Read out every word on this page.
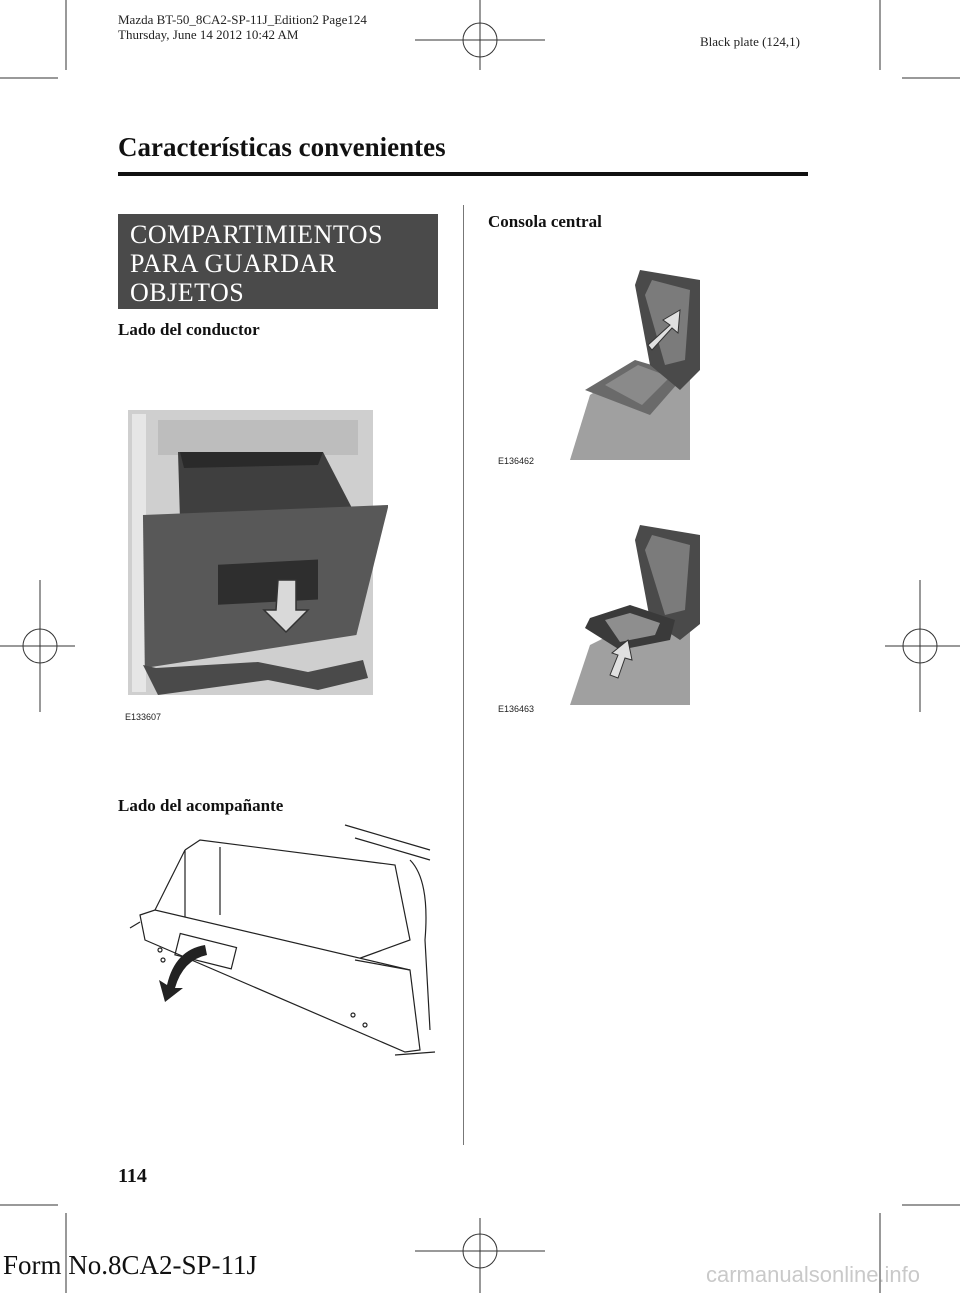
Mazda BT-50_8CA2-SP-11J_Edition2 Page124
Thursday, June 14 2012 10:42 AM	Black plate (124,1)
Características convenientes
COMPARTIMIENTOS
PARA GUARDAR
OBJETOS
Lado del conductor
E133607
Lado del acompañante
Consola central
E136462
E136463
114
Form No.8CA2-SP-11J	carmanualsonline.info
